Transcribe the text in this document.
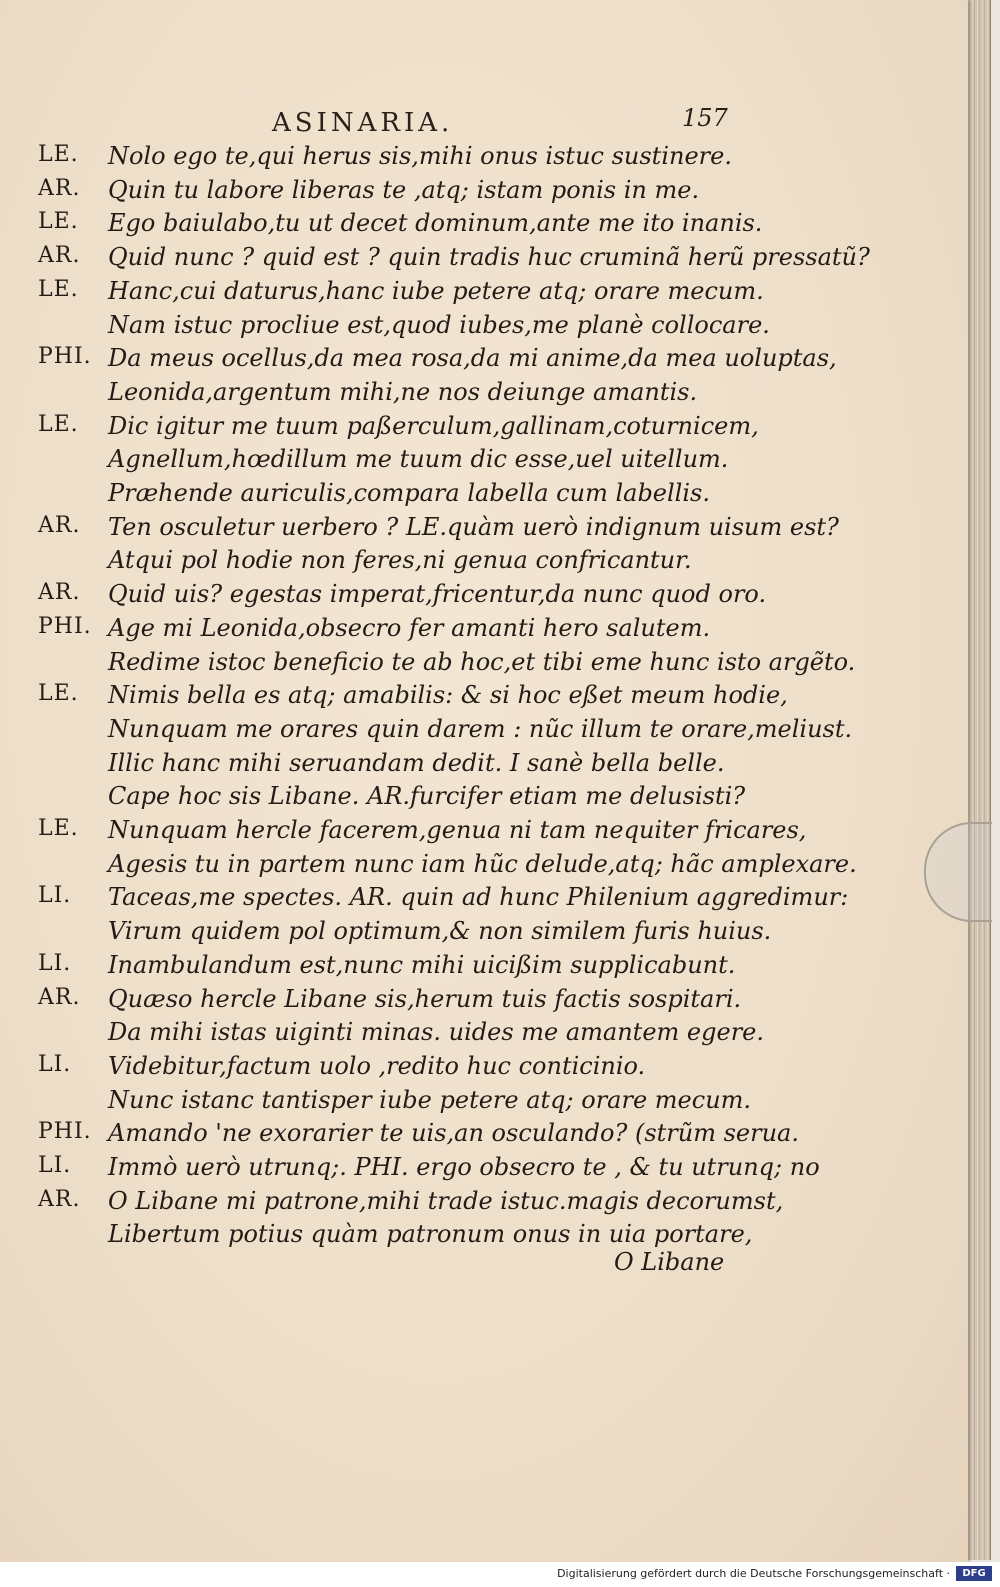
ASINARIA.	157
LE. Nolo ego te,qui herus sis,mihi onus istuc sustinere.
AR. Quin tu labore liberas te ,atq; istam ponis in me.
LE. Ego baiulabo,tu ut decet dominum,ante me ito inanis.
AR. Quid nunc ? quid est ? quin tradis huc cruminã herũ pressatũ?
LE. Hanc,cui daturus,hanc iube petere atq; orare mecum.
Nam istuc procliue est,quod iubes,me planè collocare.
PHI. Da meus ocellus,da mea rosa,da mi anime,da mea uoluptas,
Leonida,argentum mihi,ne nos deiunge amantis.
LE. Dic igitur me tuum paßerculum,gallinam,coturnicem,
Agnellum,hœdillum me tuum dic esse,uel uitellum.
Præhende auriculis,compara labella cum labellis.
AR. Ten osculetur uerbero ? LE.quàm uerò indignum uisum est?
Atqui pol hodie non feres,ni genua confricantur.
AR. Quid uis? egestas imperat,fricentur,da nunc quod oro.
PHI. Age mi Leonida,obsecro fer amanti hero salutem.
Redime istoc beneficio te ab hoc,et tibi eme hunc isto argẽto.
LE. Nimis bella es atq; amabilis: & si hoc eßet meum hodie,
Nunquam me orares quin darem : nũc illum te orare,meliust.
Illic hanc mihi seruandam dedit. I sanè bella belle.
Cape hoc sis Libane. AR.furcifer etiam me delusisti?
LE. Nunquam hercle facerem,genua ni tam nequiter fricares,
Agesis tu in partem nunc iam hũc delude,atq; hãc amplexare.
LI. Taceas,me spectes. AR. quin ad hunc Philenium aggredimur:
Virum quidem pol optimum,& non similem furis huius.
LI. Inambulandum est,nunc mihi uicißim supplicabunt.
AR. Quæso hercle Libane sis,herum tuis factis sospitari.
Da mihi istas uiginti minas. uides me amantem egere.
LI. Videbitur,factum uolo ,redito huc conticinio.
Nunc istanc tantisper iube petere atq; orare mecum.
PHI. Amando 'ne exorarier te uis,an osculando? (strũm serua.
LI. Immò uerò utrunq;. PHI. ergo obsecro te , & tu utrunq; no
AR. O Libane mi patrone,mihi trade istuc.magis decorumst,
Libertum potius quàm patronum onus in uia portare,
O Libane
Digitalisierung gefördert durch die Deutsche Forschungsgemeinschaft ·	DFG
